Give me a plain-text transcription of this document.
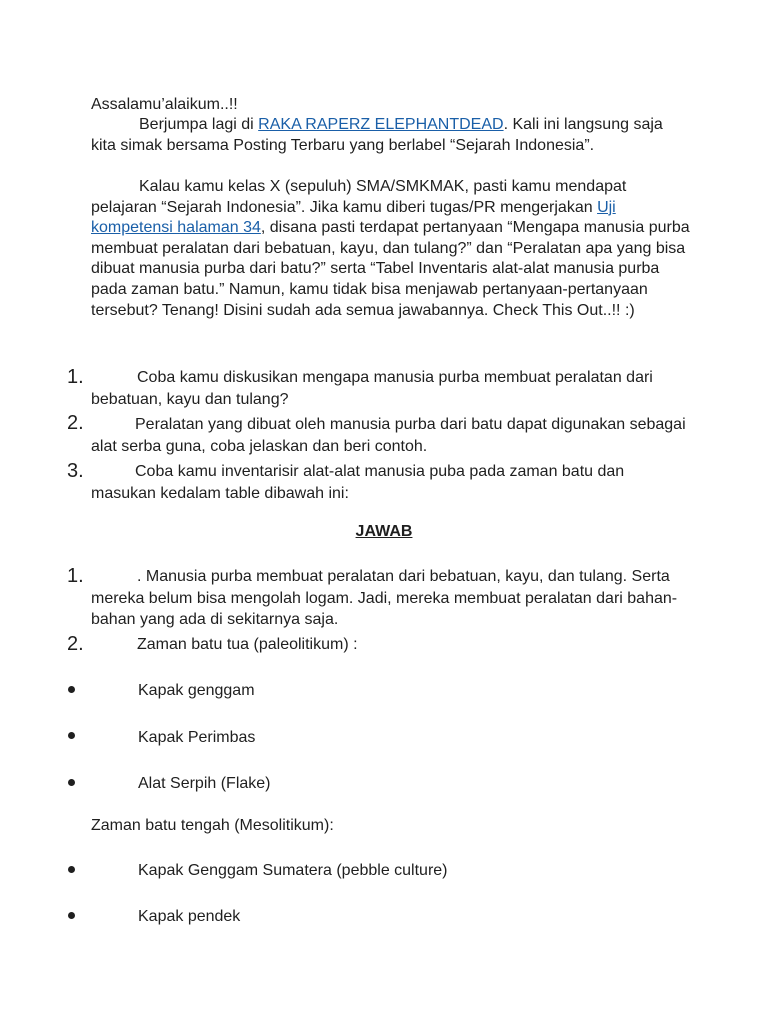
Assalamu’alaikum..!!

Berjumpa lagi di RAKA RAPERZ ELEPHANTDEAD. Kali ini langsung saja kita simak bersama Posting Terbaru yang berlabel “Sejarah Indonesia”.

Kalau kamu kelas X (sepuluh) SMA/SMKMAK, pasti kamu mendapat pelajaran “Sejarah Indonesia”. Jika kamu diberi tugas/PR mengerjakan Uji kompetensi halaman 34, disana pasti terdapat pertanyaan “Mengapa manusia purba membuat peralatan dari bebatuan, kayu, dan tulang?” dan “Peralatan apa yang bisa dibuat manusia purba dari batu?” serta “Tabel Inventaris alat-alat manusia purba pada zaman batu.” Namun, kamu tidak bisa menjawab pertanyaan-pertanyaan tersebut? Tenang! Disini sudah ada semua jawabannya. Check This Out..!! :)

1.	Coba kamu diskusikan mengapa manusia purba membuat peralatan dari bebatuan, kayu dan tulang?

2.	Peralatan yang dibuat oleh manusia purba dari batu dapat digunakan sebagai alat serba guna, coba jelaskan dan beri contoh.

3.	Coba kamu inventarisir alat-alat manusia puba pada zaman batu dan masukan kedalam table dibawah ini:

JAWAB

1.	. Manusia purba membuat peralatan dari bebatuan, kayu, dan tulang. Serta mereka belum bisa mengolah logam. Jadi, mereka membuat peralatan dari bahan-bahan yang ada di sekitarnya saja.

2.	Zaman batu tua (paleolitikum) :

Kapak genggam

Kapak Perimbas

Alat Serpih (Flake)

Zaman batu tengah (Mesolitikum):

Kapak Genggam Sumatera (pebble culture)

Kapak pendek
